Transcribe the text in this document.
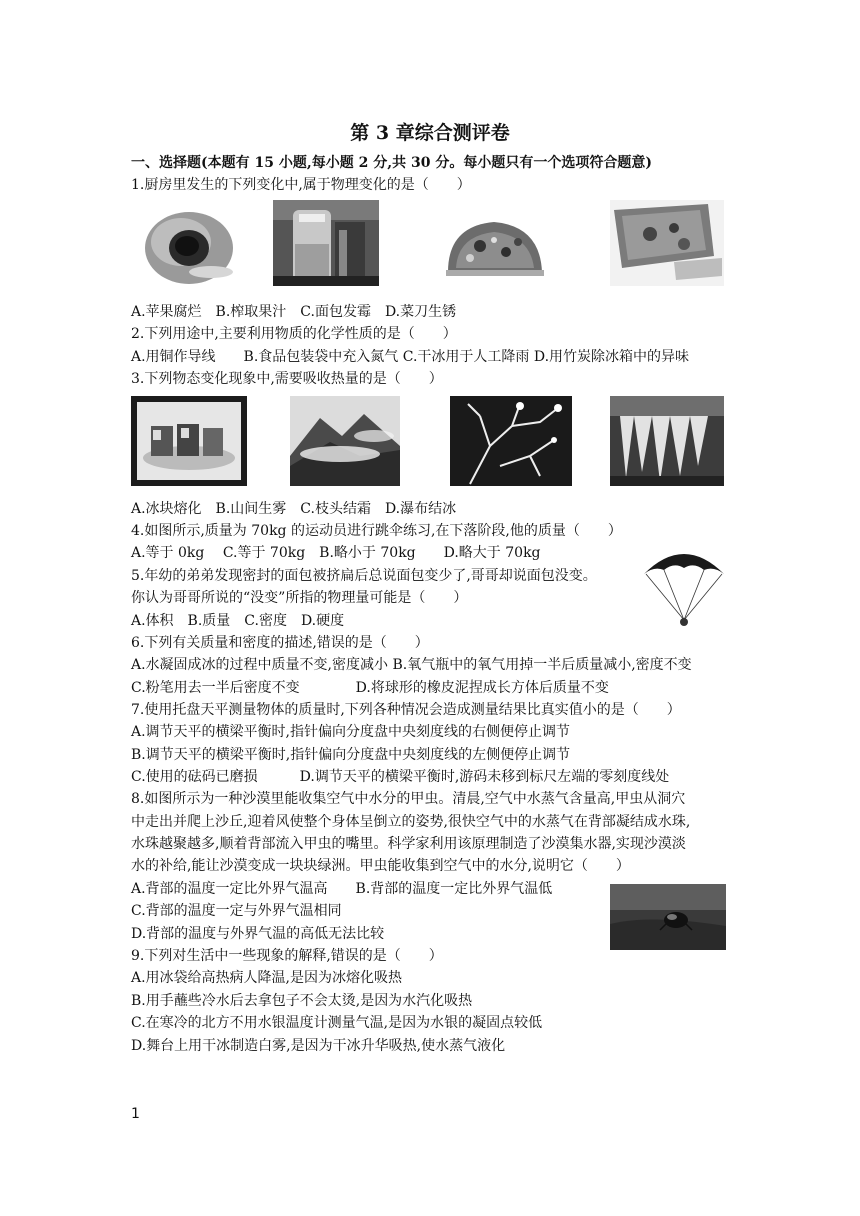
第 3 章综合测评卷
一、选择题(本题有 15 小题,每小题 2 分,共 30 分。每小题只有一个选项符合题意)
1.厨房里发生的下列变化中,属于物理变化的是（　　）
A.苹果腐烂　B.榨取果汁　C.面包发霉　D.菜刀生锈
2.下列用途中,主要利用物质的化学性质的是（　　）
A.用铜作导线　　B.食品包装袋中充入氮气 C.干冰用于人工降雨 D.用竹炭除冰箱中的异味
3.下列物态变化现象中,需要吸收热量的是（　　）
A.冰块熔化　B.山间生雾　C.枝头结霜　D.瀑布结冰
4.如图所示,质量为 70kg 的运动员进行跳伞练习,在下落阶段,他的质量（　　）
A.等于 0kg　 C.等于 70kg　B.略小于 70kg　　D.略大于 70kg
5.年幼的弟弟发现密封的面包被挤扁后总说面包变少了,哥哥却说面包没变。
你认为哥哥所说的“没变”所指的物理量可能是（　　）
A.体积　B.质量　C.密度　D.硬度
6.下列有关质量和密度的描述,错误的是（　　）
A.水凝固成冰的过程中质量不变,密度减小 B.氧气瓶中的氧气用掉一半后质量减小,密度不变
C.粉笔用去一半后密度不变　　　　D.将球形的橡皮泥捏成长方体后质量不变
7.使用托盘天平测量物体的质量时,下列各种情况会造成测量结果比真实值小的是（　　）
A.调节天平的横梁平衡时,指针偏向分度盘中央刻度线的右侧便停止调节
B.调节天平的横梁平衡时,指针偏向分度盘中央刻度线的左侧便停止调节
C.使用的砝码已磨损　　　D.调节天平的横梁平衡时,游码未移到标尺左端的零刻度线处
8.如图所示为一种沙漠里能收集空气中水分的甲虫。清晨,空气中水蒸气含量高,甲虫从洞穴
中走出并爬上沙丘,迎着风使整个身体呈倒立的姿势,很快空气中的水蒸气在背部凝结成水珠,
水珠越聚越多,顺着背部流入甲虫的嘴里。科学家利用该原理制造了沙漠集水器,实现沙漠淡
水的补给,能让沙漠变成一块块绿洲。甲虫能收集到空气中的水分,说明它（　　）
A.背部的温度一定比外界气温高　　B.背部的温度一定比外界气温低
C.背部的温度一定与外界气温相同
D.背部的温度与外界气温的高低无法比较
9.下列对生活中一些现象的解释,错误的是（　　）
A.用冰袋给高热病人降温,是因为冰熔化吸热
B.用手蘸些冷水后去拿包子不会太烫,是因为水汽化吸热
C.在寒冷的北方不用水银温度计测量气温,是因为水银的凝固点较低
D.舞台上用干冰制造白雾,是因为干冰升华吸热,使水蒸气液化
1
